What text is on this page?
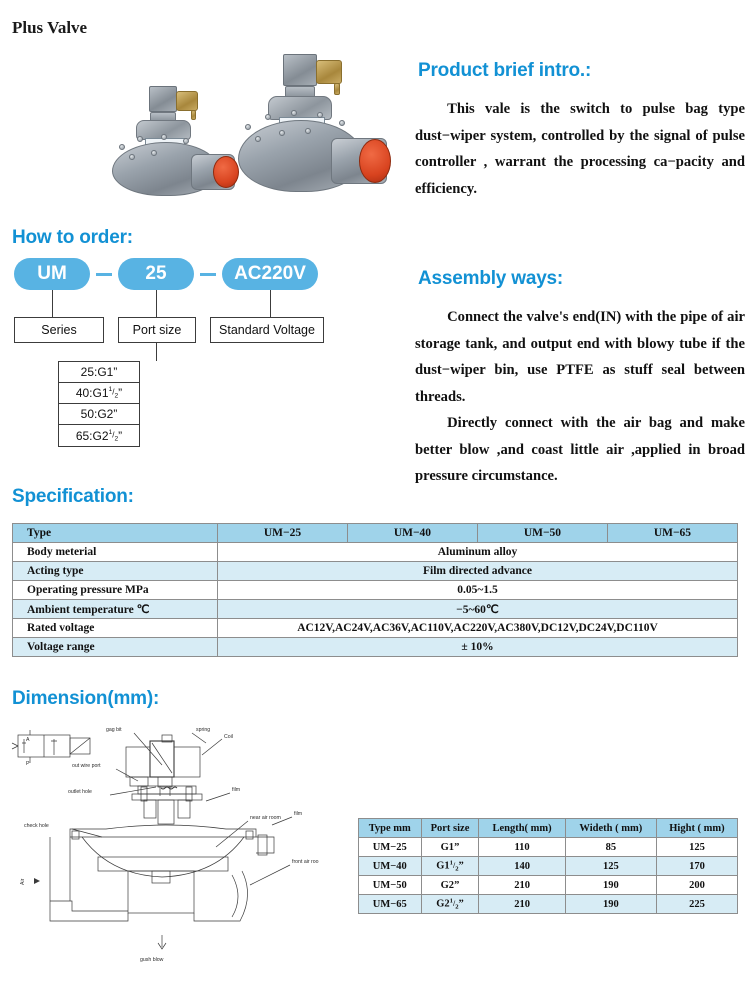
Plus Valve
How to order:
UM	25	AC220V
Series	Port size	Standard Voltage
25:G1 ”
40:G1 $^1/_2$ ”
50:G2 ”
65:G2 $^1/_2$ ”
Product brief intro.:

This vale is the switch to pulse bag type dust−wiper system, controlled by the signal of pulse controller , warrant the processing ca−pacity and efficiency.

Assembly ways:

Connect the valve's end(IN) with the pipe of air storage tank, and output end with blowy tube if the dust−wiper bin, use PTFE as stuff seal between threads.

Directly connect with the air bag and make better blow ,and coast little air ,applied in broad pressure circumstance.

Specification:
Type	UM−25	UM−40	UM−50	UM−65
Body meterial	Aluminum alloy			
Acting type	Film directed advance			
Operating pressure MPa	0.05~1.5			
Ambient temperature ℃	−5~60℃			
Rated voltage	AC12V,AC24V,AC36V,AC110V,AC220V,AC380V,DC12V,DC24V,DC110V			
Voltage range	± 10%			
Dimension(mm):
gag bit	spring
Coil
out wire port
outlet hole	film
near air room
film
front air roo
check hole
gush blow
Air
A
P
Type mm	Port size	Length( mm)	Wideth ( mm)	Hight ( mm)
UM−25	G1”	110	85	125
UM−40	$G1^1/_2$”	140	125	170
UM−50	G2”	210	190	200
UM−65	$G2^1/_2$”	210	190	225
